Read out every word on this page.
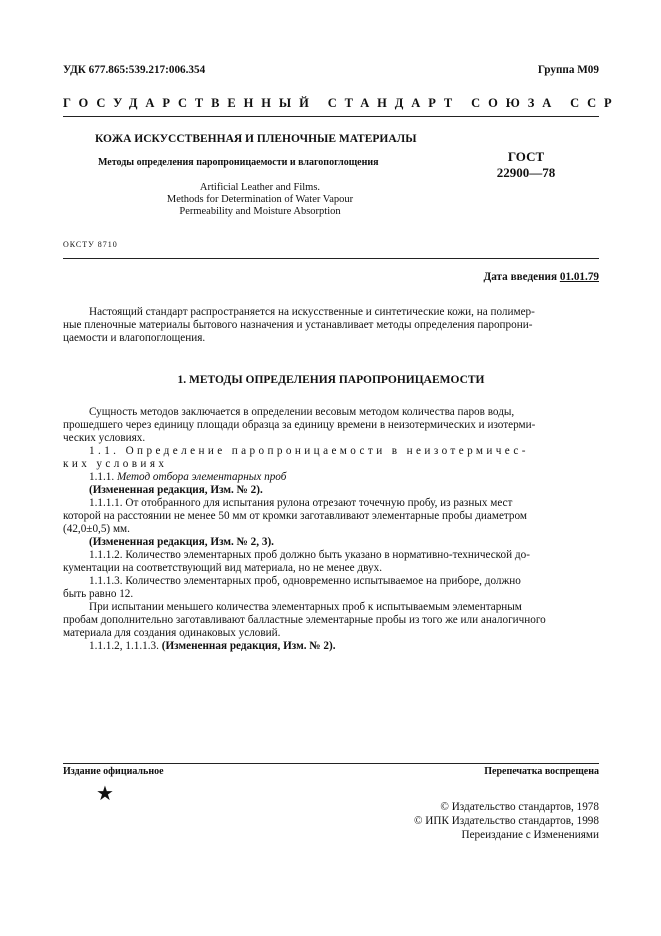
УДК 677.865:539.217:006.354	Группа М09
ГОСУДАРСТВЕННЫЙ СТАНДАРТ СОЮЗА ССР
КОЖА ИСКУССТВЕННАЯ И ПЛЕНОЧНЫЕ МАТЕРИАЛЫ
Методы определения паропроницаемости и влагопоглощения
Artificial Leather and Films.
Methods for Determination of Water Vapour
Permeability and Moisture Absorption
ГОСТ
22900—78
ОКСТУ 8710
Дата введения 01.01.79
Настоящий стандарт распространяется на искусственные и синтетические кожи, на полимер-
ные пленочные материалы бытового назначения и устанавливает методы определения паропрони-
цаемости и влагопоглощения.
1. МЕТОДЫ ОПРЕДЕЛЕНИЯ ПАРОПРОНИЦАЕМОСТИ
Сущность методов заключается в определении весовым методом количества паров воды,
прошедшего через единицу площади образца за единицу времени в неизотермических и изотерми-
ческих условиях.
1.1. Определение паропроницаемости в неизотермичес-
ких условиях
1.1.1. Метод отбора элементарных проб
(Измененная редакция, Изм. № 2).
1.1.1.1. От отобранного для испытания рулона отрезают точечную пробу, из разных мест
которой на расстоянии не менее 50 мм от кромки заготавливают элементарные пробы диаметром
(42,0±0,5) мм.
(Измененная редакция, Изм. № 2, 3).
1.1.1.2. Количество элементарных проб должно быть указано в нормативно-технической до-
кументации на соответствующий вид материала, но не менее двух.
1.1.1.3. Количество элементарных проб, одновременно испытываемое на приборе, должно
быть равно 12.
При испытании меньшего количества элементарных проб к испытываемым элементарным
пробам дополнительно заготавливают балластные элементарные пробы из того же или аналогичного
материала для создания одинаковых условий.
1.1.1.2, 1.1.1.3. (Измененная редакция, Изм. № 2).
Издание официальное	Перепечатка воспрещена
★
© Издательство стандартов, 1978
© ИПК Издательство стандартов, 1998
Переиздание с Изменениями
